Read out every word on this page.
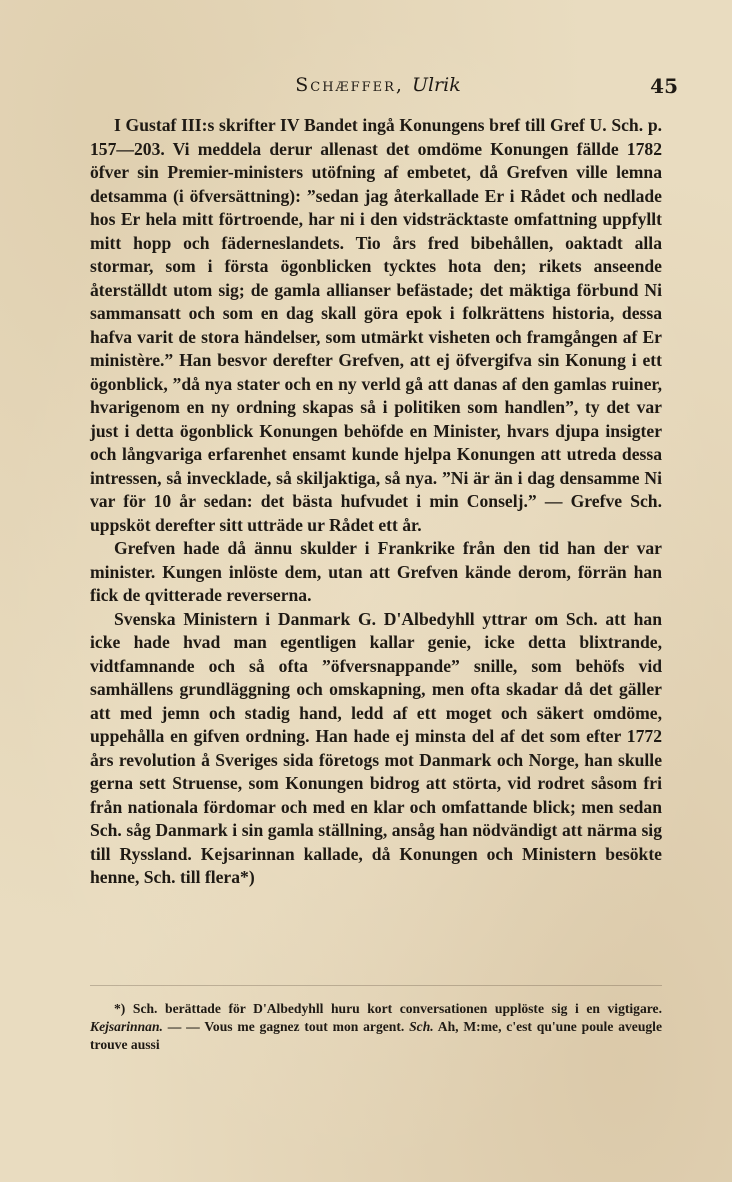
Schæffer, Ulrik	45

I Gustaf III:s skrifter IV Bandet ingå Konungens bref till Gref U. Sch. p. 157—203. Vi meddela derur allenast det omdöme Konungen fällde 1782 öfver sin Premier-ministers utöfning af embetet, då Grefven ville lemna detsamma (i öfversättning): ”sedan jag återkallade Er i Rådet och nedlade hos Er hela mitt förtroende, har ni i den vidsträcktaste omfattning uppfyllt mitt hopp och fäderneslandets. Tio års fred bibehållen, oaktadt alla stormar, som i första ögonblicken tycktes hota den; rikets anseende återställdt utom sig; de gamla allianser befästade; det mäktiga förbund Ni sammansatt och som en dag skall göra epok i folkrättens historia, dessa hafva varit de stora händelser, som utmärkt visheten och framgången af Er ministère.” Han besvor derefter Grefven, att ej öfvergifva sin Konung i ett ögonblick, ”då nya stater och en ny verld gå att danas af den gamlas ruiner, hvarigenom en ny ordning skapas så i politiken som handlen”, ty det var just i detta ögonblick Konungen behöfde en Minister, hvars djupa insigter och långvariga erfarenhet ensamt kunde hjelpa Konungen att utreda dessa intressen, så invecklade, så skiljaktiga, så nya. ”Ni är än i dag densamme Ni var för 10 år sedan: det bästa hufvudet i min Conselj.” — Grefve Sch. uppsköt derefter sitt utträde ur Rådet ett år.

Grefven hade då ännu skulder i Frankrike från den tid han der var minister. Kungen inlöste dem, utan att Grefven kände derom, förrän han fick de qvitterade reverserna.

Svenska Ministern i Danmark G. D'Albedyhll yttrar om Sch. att han icke hade hvad man egentligen kallar genie, icke detta blixtrande, vidtfamnande och så ofta ”öfversnappande” snille, som behöfs vid samhällens grundläggning och omskapning, men ofta skadar då det gäller att med jemn och stadig hand, ledd af ett moget och säkert omdöme, uppehålla en gifven ordning. Han hade ej minsta del af det som efter 1772 års revolution å Sveriges sida företogs mot Danmark och Norge, han skulle gerna sett Struense, som Konungen bidrog att störta, vid rodret såsom fri från nationala fördomar och med en klar och omfattande blick; men sedan Sch. såg Danmark i sin gamla ställning, ansåg han nödvändigt att närma sig till Ryssland. Kejsarinnan kallade, då Konungen och Ministern besökte henne, Sch. till flera*)

*) Sch. berättade för D'Albedyhll huru kort conversationen upplöste sig i en vigtigare. Kejsarinnan. — — Vous me gagnez tout mon argent. Sch. Ah, M:me, c'est qu'une poule aveugle trouve aussi
